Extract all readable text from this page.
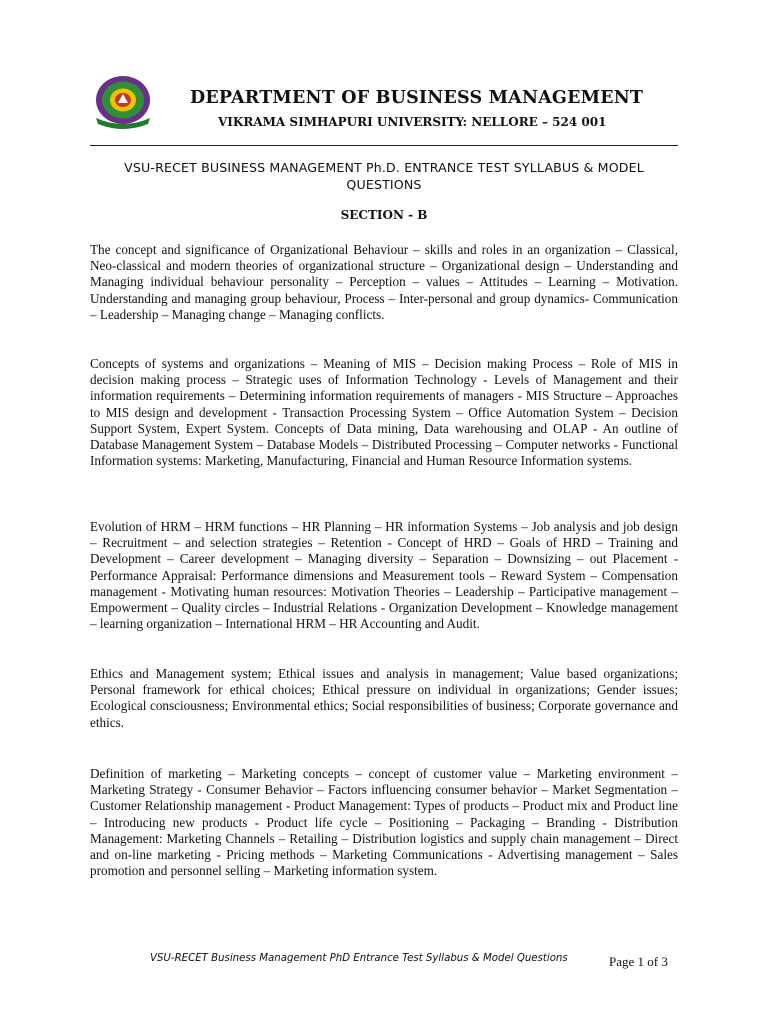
DEPARTMENT OF BUSINESS MANAGEMENT
VIKRAMA SIMHAPURI UNIVERSITY: NELLORE – 524 001
VSU-RECET BUSINESS MANAGEMENT Ph.D. ENTRANCE TEST SYLLABUS & MODEL QUESTIONS
SECTION - B

The concept and significance of Organizational Behaviour – skills and roles in an organization – Classical, Neo-classical and modern theories of organizational structure – Organizational design – Understanding and Managing individual behaviour personality – Perception – values – Attitudes – Learning – Motivation. Understanding and managing group behaviour, Process – Inter-personal and group dynamics- Communication – Leadership – Managing change – Managing conflicts.

Concepts of systems and organizations – Meaning of MIS – Decision making Process – Role of MIS in decision making process – Strategic uses of Information Technology - Levels of Management and their information requirements – Determining information requirements of managers - MIS Structure – Approaches to MIS design and development - Transaction Processing System – Office Automation System – Decision Support System, Expert System. Concepts of Data mining, Data warehousing and OLAP - An outline of Database Management System – Database Models – Distributed Processing – Computer networks - Functional Information systems: Marketing, Manufacturing, Financial and Human Resource Information systems.

Evolution of HRM – HRM functions – HR Planning – HR information Systems – Job analysis and job design – Recruitment – and selection strategies – Retention - Concept of HRD – Goals of HRD – Training and Development – Career development – Managing diversity – Separation – Downsizing – out Placement - Performance Appraisal: Performance dimensions and Measurement tools – Reward System – Compensation management - Motivating human resources: Motivation Theories – Leadership – Participative management – Empowerment – Quality circles – Industrial Relations - Organization Development – Knowledge management – learning organization – International HRM – HR Accounting and Audit.

Ethics and Management system; Ethical issues and analysis in management; Value based organizations; Personal framework for ethical choices; Ethical pressure on individual in organizations; Gender issues; Ecological consciousness; Environmental ethics; Social responsibilities of business; Corporate governance and ethics.

Definition of marketing – Marketing concepts – concept of customer value – Marketing environment – Marketing Strategy - Consumer Behavior – Factors influencing consumer behavior – Market Segmentation – Customer Relationship management - Product Management: Types of products – Product mix and Product line – Introducing new products - Product life cycle – Positioning – Packaging – Branding - Distribution Management: Marketing Channels – Retailing – Distribution logistics and supply chain management – Direct and on-line marketing - Pricing methods – Marketing Communications - Advertising management – Sales promotion and personnel selling – Marketing information system.

VSU-RECET Business Management PhD Entrance Test Syllabus & Model Questions	Page 1 of 3
